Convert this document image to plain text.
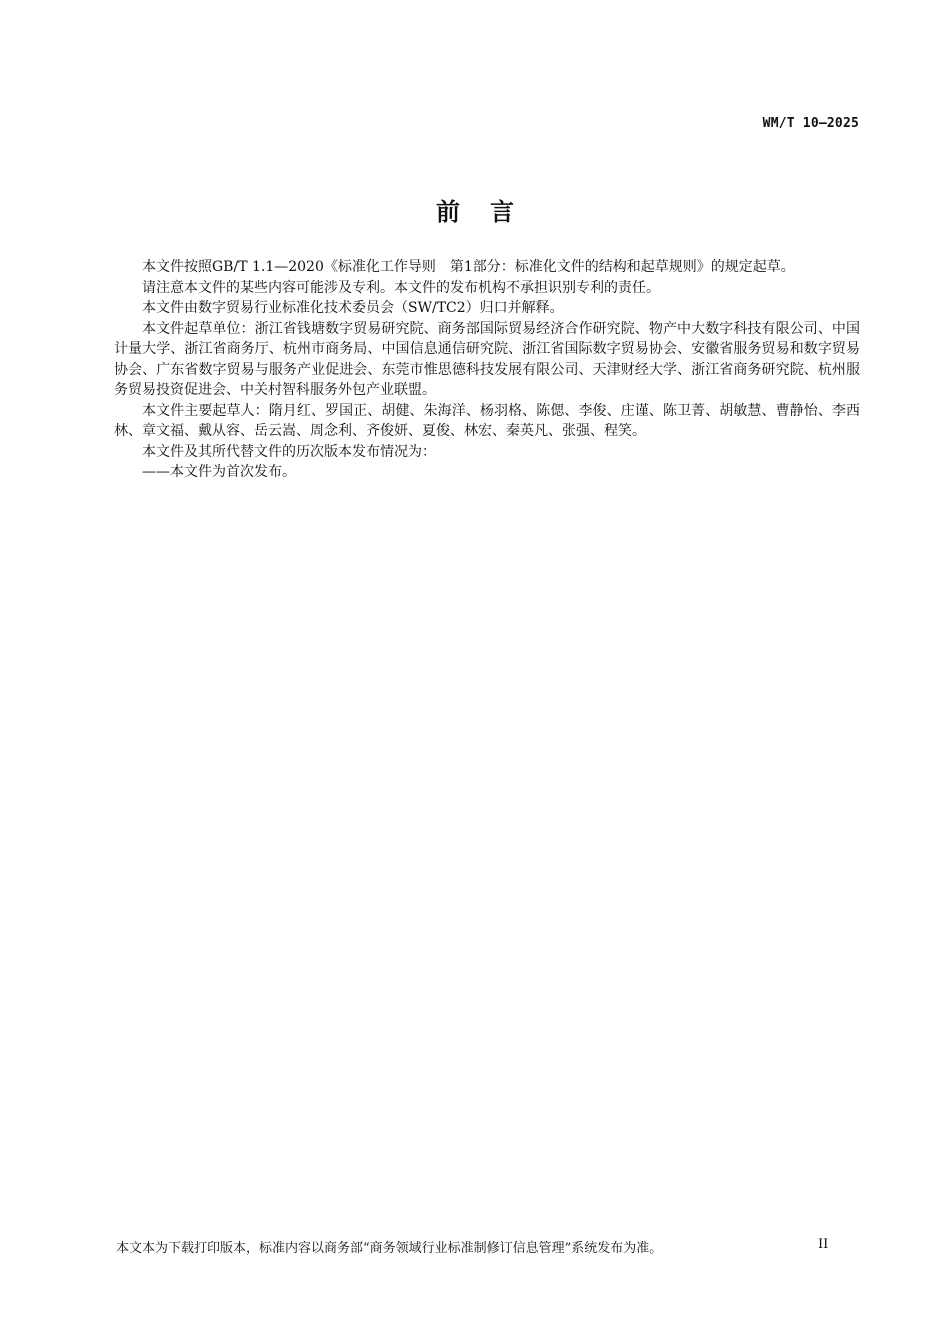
WM/T 10—2025
前言

本文件按照GB/T 1.1—2020《标准化工作导则　第1部分：标准化文件的结构和起草规则》的规定起草。

请注意本文件的某些内容可能涉及专利。本文件的发布机构不承担识别专利的责任。

本文件由数字贸易行业标准化技术委员会（SW/TC2）归口并解释。

本文件起草单位：浙江省钱塘数字贸易研究院、商务部国际贸易经济合作研究院、物产中大数字科技有限公司、中国计量大学、浙江省商务厅、杭州市商务局、中国信息通信研究院、浙江省国际数字贸易协会、安徽省服务贸易和数字贸易协会、广东省数字贸易与服务产业促进会、东莞市惟思德科技发展有限公司、天津财经大学、浙江省商务研究院、杭州服务贸易投资促进会、中关村智科服务外包产业联盟。

本文件主要起草人：隋月红、罗国正、胡健、朱海洋、杨羽格、陈偲、李俊、庄谨、陈卫菁、胡敏慧、曹静怡、李西林、章文福、戴从容、岳云嵩、周念利、齐俊妍、夏俊、林宏、秦英凡、张强、程笑。

本文件及其所代替文件的历次版本发布情况为：

——本文件为首次发布。

本文本为下载打印版本，标准内容以商务部“商务领域行业标准制修订信息管理”系统发布为准。	II
